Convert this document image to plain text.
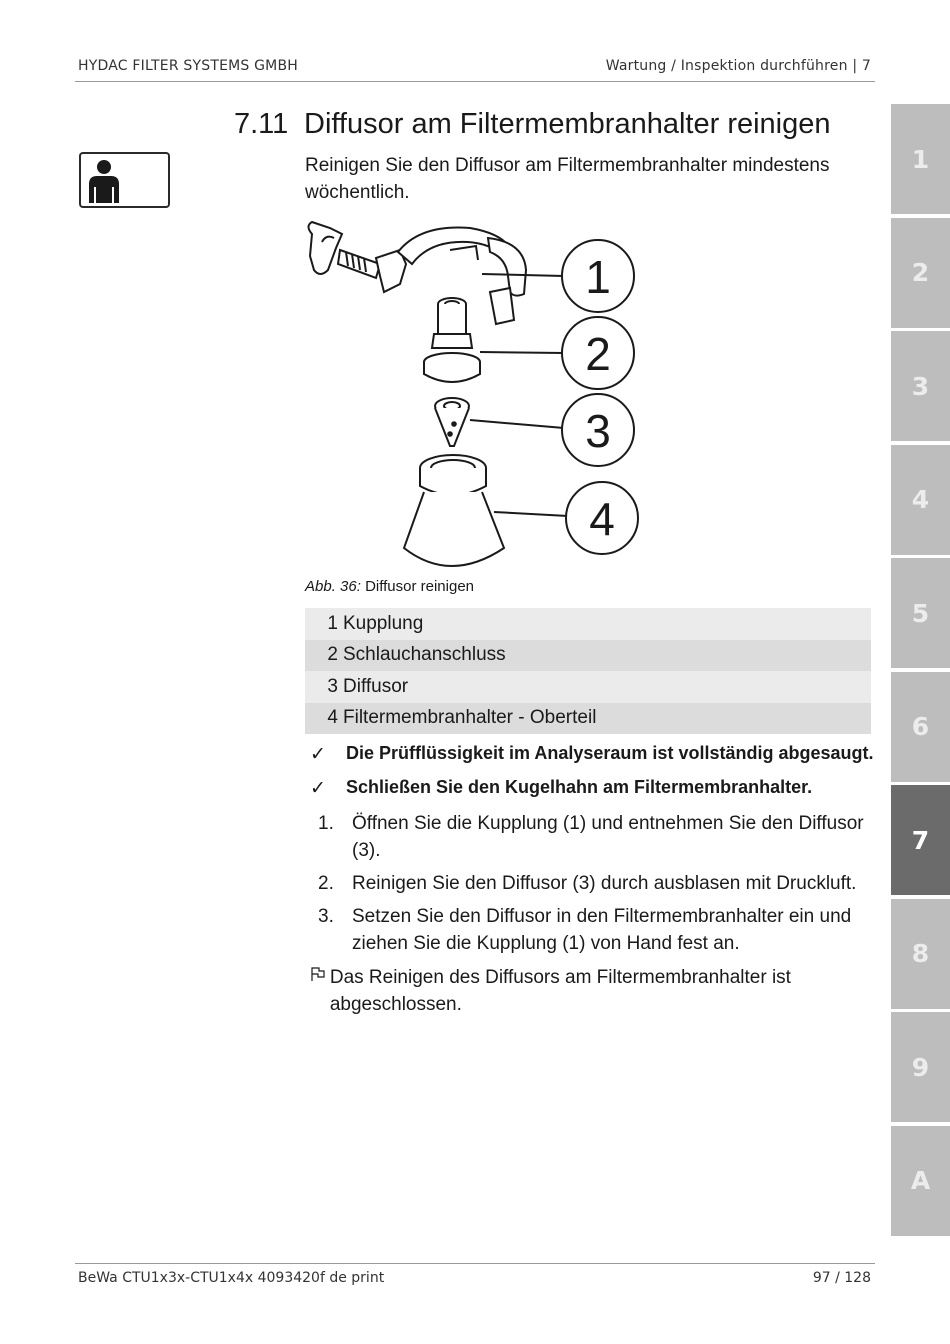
HYDAC FILTER SYSTEMS GMBH	Wartung / Inspektion durchführen | 7
7.11 Diffusor am Filtermembranhalter reinigen
Reinigen Sie den Diffusor am Filtermembranhalter mindestens wöchentlich.
1
2
3
4
Abb. 36: Diffusor reinigen
1 Kupplung
2 Schlauchanschluss
3 Diffusor
4 Filtermembranhalter - Oberteil
✓	Die Prüfflüssigkeit im Analyseraum ist vollständig abgesaugt.
✓	Schließen Sie den Kugelhahn am Filtermembranhalter.
1. Öffnen Sie die Kupplung (1) und entnehmen Sie den Diffusor (3).
2. Reinigen Sie den Diffusor (3) durch ausblasen mit Druckluft.
3. Setzen Sie den Diffusor in den Filtermembranhalter ein und ziehen Sie die Kupplung (1) von Hand fest an.
Das Reinigen des Diffusors am Filtermembranhalter ist abgeschlossen.
1
2
3
4
5
6
7
8
9
A
BeWa CTU1x3x-CTU1x4x 4093420f de print	97 / 128
